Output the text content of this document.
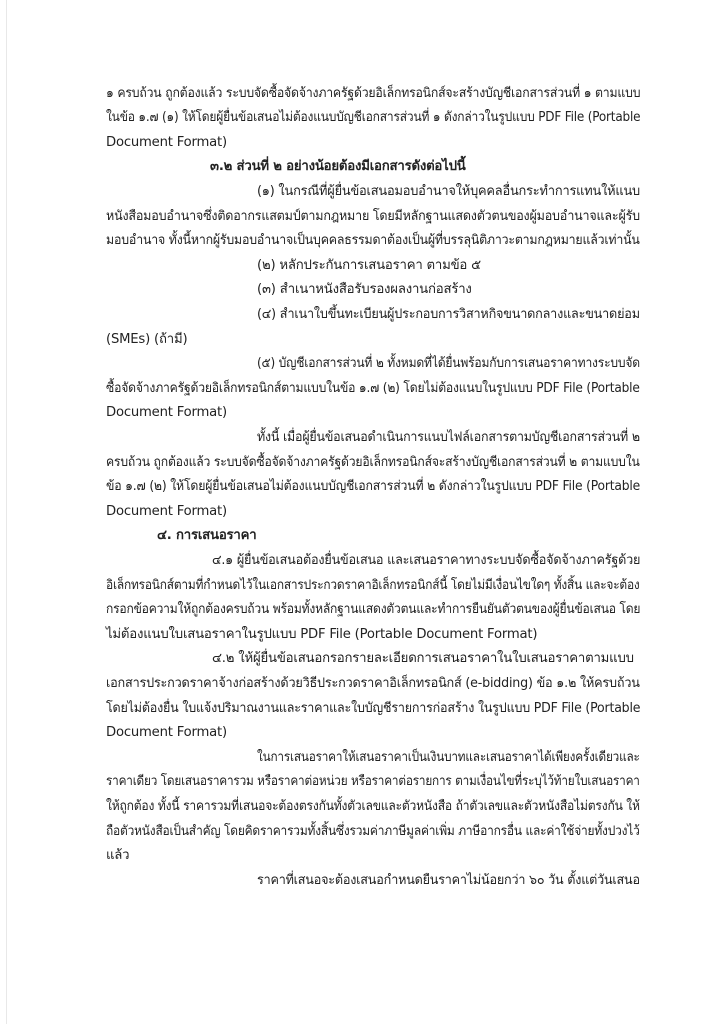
๑ ครบถ้วน ถูกต้องแล้ว ระบบจัดซื้อจัดจ้างภาครัฐด้วยอิเล็กทรอนิกส์จะสร้างบัญชีเอกสารส่วนที่ ๑ ตามแบบ
ในข้อ ๑.๗ (๑) ให้โดยผู้ยื่นข้อเสนอไม่ต้องแนบบัญชีเอกสารส่วนที่ ๑ ดังกล่าวในรูปแบบ PDF File (Portable
Document Format)
๓.๒ ส่วนที่ ๒ อย่างน้อยต้องมีเอกสารดังต่อไปนี้
(๑) ในกรณีที่ผู้ยื่นข้อเสนอมอบอำนาจให้บุคคลอื่นกระทำการแทนให้แนบ
หนังสือมอบอำนาจซึ่งติดอากรแสตมป์ตามกฎหมาย โดยมีหลักฐานแสดงตัวตนของผู้มอบอำนาจและผู้รับ
มอบอำนาจ ทั้งนี้หากผู้รับมอบอำนาจเป็นบุคคลธรรมดาต้องเป็นผู้ที่บรรลุนิติภาวะตามกฎหมายแล้วเท่านั้น
(๒) หลักประกันการเสนอราคา ตามข้อ ๕
(๓) สำเนาหนังสือรับรองผลงานก่อสร้าง
(๔) สำเนาใบขึ้นทะเบียนผู้ประกอบการวิสาหกิจขนาดกลางและขนาดย่อม
(SMEs) (ถ้ามี)
(๕) บัญชีเอกสารส่วนที่ ๒ ทั้งหมดที่ได้ยื่นพร้อมกับการเสนอราคาทางระบบจัด
ซื้อจัดจ้างภาครัฐด้วยอิเล็กทรอนิกส์ตามแบบในข้อ ๑.๗ (๒) โดยไม่ต้องแนบในรูปแบบ PDF File (Portable
Document Format)
ทั้งนี้ เมื่อผู้ยื่นข้อเสนอดำเนินการแนบไฟล์เอกสารตามบัญชีเอกสารส่วนที่ ๒
ครบถ้วน ถูกต้องแล้ว ระบบจัดซื้อจัดจ้างภาครัฐด้วยอิเล็กทรอนิกส์จะสร้างบัญชีเอกสารส่วนที่ ๒ ตามแบบใน
ข้อ ๑.๗ (๒) ให้โดยผู้ยื่นข้อเสนอไม่ต้องแนบบัญชีเอกสารส่วนที่ ๒ ดังกล่าวในรูปแบบ PDF File (Portable
Document Format)
๔. การเสนอราคา
๔.๑ ผู้ยื่นข้อเสนอต้องยื่นข้อเสนอ และเสนอราคาทางระบบจัดซื้อจัดจ้างภาครัฐด้วย
อิเล็กทรอนิกส์ตามที่กำหนดไว้ในเอกสารประกวดราคาอิเล็กทรอนิกส์นี้ โดยไม่มีเงื่อนไขใดๆ ทั้งสิ้น และจะต้อง
กรอกข้อความให้ถูกต้องครบถ้วน พร้อมทั้งหลักฐานแสดงตัวตนและทำการยืนยันตัวตนของผู้ยื่นข้อเสนอ โดย
ไม่ต้องแนบใบเสนอราคาในรูปแบบ PDF File (Portable Document Format)
๔.๒ ให้ผู้ยื่นข้อเสนอกรอกรายละเอียดการเสนอราคาในใบเสนอราคาตามแบบ
เอกสารประกวดราคาจ้างก่อสร้างด้วยวิธีประกวดราคาอิเล็กทรอนิกส์ (e-bidding) ข้อ ๑.๒ ให้ครบถ้วน
โดยไม่ต้องยื่น ใบแจ้งปริมาณงานและราคาและใบบัญชีรายการก่อสร้าง ในรูปแบบ PDF File (Portable
Document Format)
ในการเสนอราคาให้เสนอราคาเป็นเงินบาทและเสนอราคาได้เพียงครั้งเดียวและ
ราคาเดียว โดยเสนอราคารวม หรือราคาต่อหน่วย หรือราคาต่อรายการ ตามเงื่อนไขที่ระบุไว้ท้ายใบเสนอราคา
ให้ถูกต้อง ทั้งนี้ ราคารวมที่เสนอจะต้องตรงกันทั้งตัวเลขและตัวหนังสือ ถ้าตัวเลขและตัวหนังสือไม่ตรงกัน ให้
ถือตัวหนังสือเป็นสำคัญ โดยคิดราคารวมทั้งสิ้นซึ่งรวมค่าภาษีมูลค่าเพิ่ม ภาษีอากรอื่น และค่าใช้จ่ายทั้งปวงไว้
แล้ว
ราคาที่เสนอจะต้องเสนอกำหนดยืนราคาไม่น้อยกว่า ๖๐ วัน ตั้งแต่วันเสนอ
